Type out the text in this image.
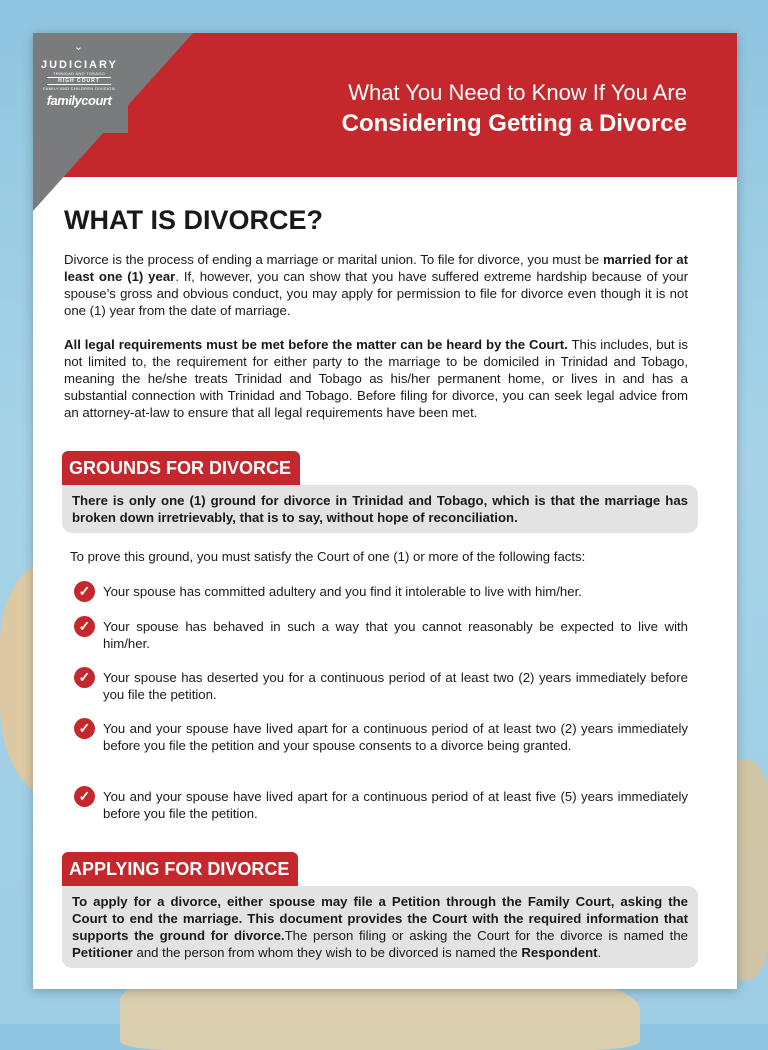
⌄
JUDICIARY
TRINIDAD AND TOBAGO
HIGH COURT
FAMILY AND CHILDREN DIVISION
familycourt	What You Need to Know If You Are
Considering Getting a Divorce
WHAT IS DIVORCE?

Divorce is the process of ending a marriage or marital union. To file for divorce, you must be married for at least one (1) year. If, however, you can show that you have suffered extreme hardship because of your spouse’s gross and obvious conduct, you may apply for permission to file for divorce even though it is not one (1) year from the date of marriage.

All legal requirements must be met before the matter can be heard by the Court. This includes, but is not limited to, the requirement for either party to the marriage to be domiciled in Trinidad and Tobago, meaning the he/she treats Trinidad and Tobago as his/her permanent home, or lives in and has a substantial connection with Trinidad and Tobago. Before filing for divorce, you can seek legal advice from an attorney-at-law to ensure that all legal requirements have been met.

GROUNDS FOR DIVORCE
There is only one (1) ground for divorce in Trinidad and Tobago, which is that the marriage has broken down irretrievably, that is to say, without hope of reconciliation.
To prove this ground, you must satisfy the Court of one (1) or more of the following facts:
✓ Your spouse has committed adultery and you find it intolerable to live with him/her.
✓ Your spouse has behaved in such a way that you cannot reasonably be expected to live with him/her.
✓ Your spouse has deserted you for a continuous period of at least two (2) years immediately before you file the petition.
✓ You and your spouse have lived apart for a continuous period of at least two (2) years immediately before you file the petition and your spouse consents to a divorce being granted.
✓ You and your spouse have lived apart for a continuous period of at least five (5) years immediately before you file the petition.
APPLYING FOR DIVORCE
To apply for a divorce, either spouse may file a Petition through the Family Court, asking the Court to end the marriage. This document provides the Court with the required information that supports the ground for divorce.The person filing or asking the Court for the divorce is named the Petitioner and the person from whom they wish to be divorced is named the Respondent.
